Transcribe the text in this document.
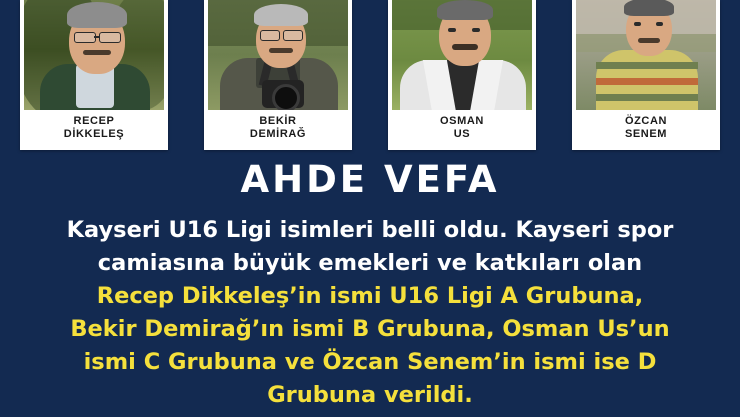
RECEP
DİKKELEŞ
BEKİR
DEMİRAĞ
OSMAN
US
ÖZCAN
SENEM
AHDE VEFA
Kayseri U16 Ligi isimleri belli oldu. Kayseri spor
camiasına büyük emekleri ve katkıları olan
Recep Dikkeleş’in ismi U16 Ligi A Grubuna,
Bekir Demirağ’ın ismi B Grubuna, Osman Us’un
ismi C Grubuna ve Özcan Senem’in ismi ise D
Grubuna verildi.
